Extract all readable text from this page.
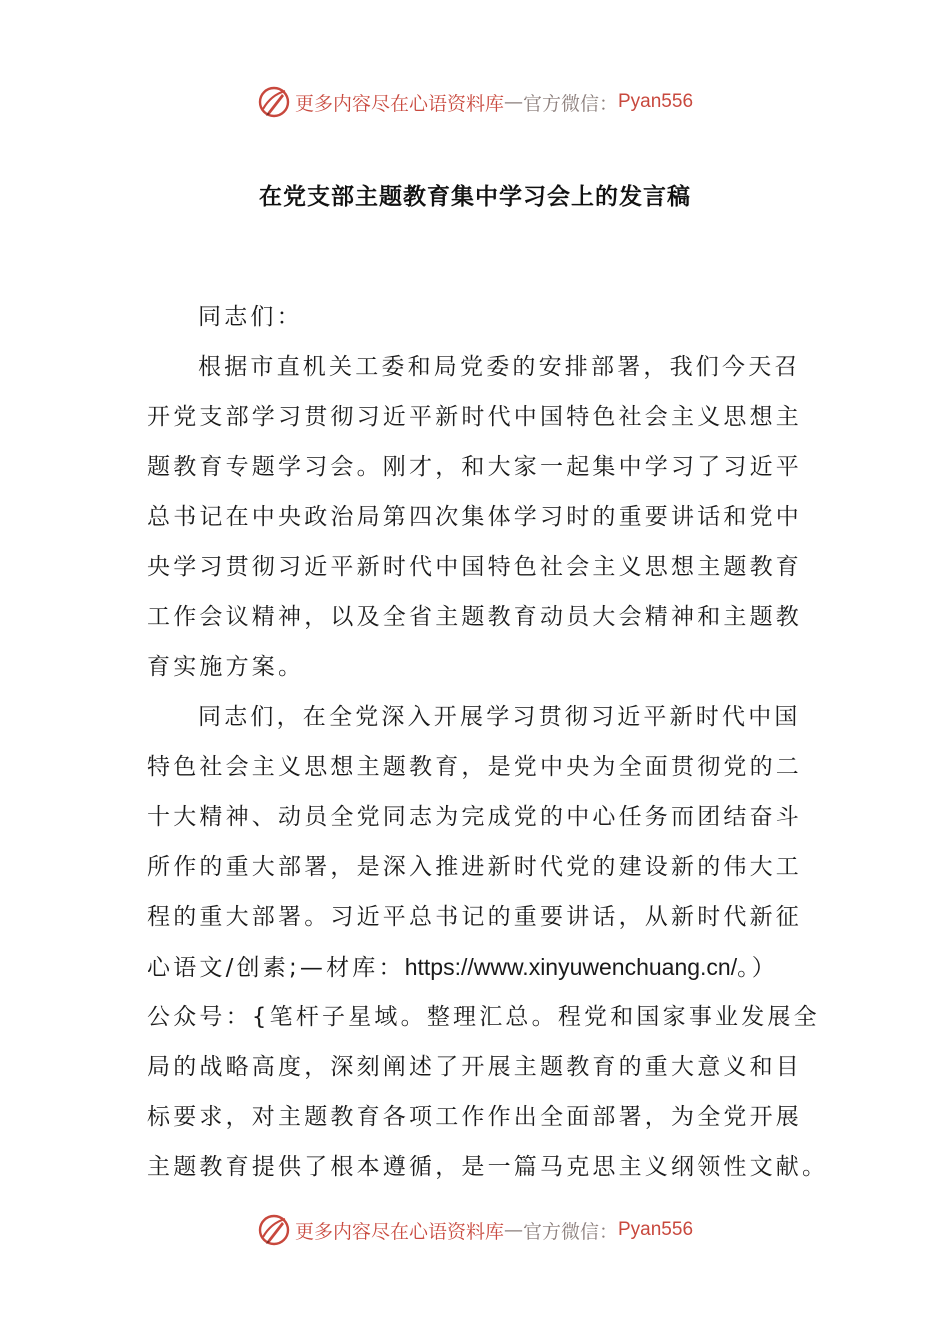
更多内容尽在心语资料库 — 官方微信： Pyan556
在党支部主题教育集中学习会上的发言稿
同志们：
根据市直机关工委和局党委的安排部署，我们今天召
开党支部学习贯彻习近平新时代中国特色社会主义思想主
题教育专题学习会。刚才，和大家一起集中学习了习近平
总书记在中央政治局第四次集体学习时的重要讲话和党中
央学习贯彻习近平新时代中国特色社会主义思想主题教育
工作会议精神，以及全省主题教育动员大会精神和主题教
育实施方案。
同志们，在全党深入开展学习贯彻习近平新时代中国
特色社会主义思想主题教育，是党中央为全面贯彻党的二
十大精神、动员全党同志为完成党的中心任务而团结奋斗
所作的重大部署，是深入推进新时代党的建设新的伟大工
程的重大部署。习近平总书记的重要讲话，从新时代新征
心语文/创素;—材库：https://www.xinyuwenchuang.cn/。）
公众号：{笔杆子星域。整理汇总。程党和国家事业发展全
局的战略高度，深刻阐述了开展主题教育的重大意义和目
标要求，对主题教育各项工作作出全面部署，为全党开展
主题教育提供了根本遵循，是一篇马克思主义纲领性文献。
更多内容尽在心语资料库 — 官方微信： Pyan556
